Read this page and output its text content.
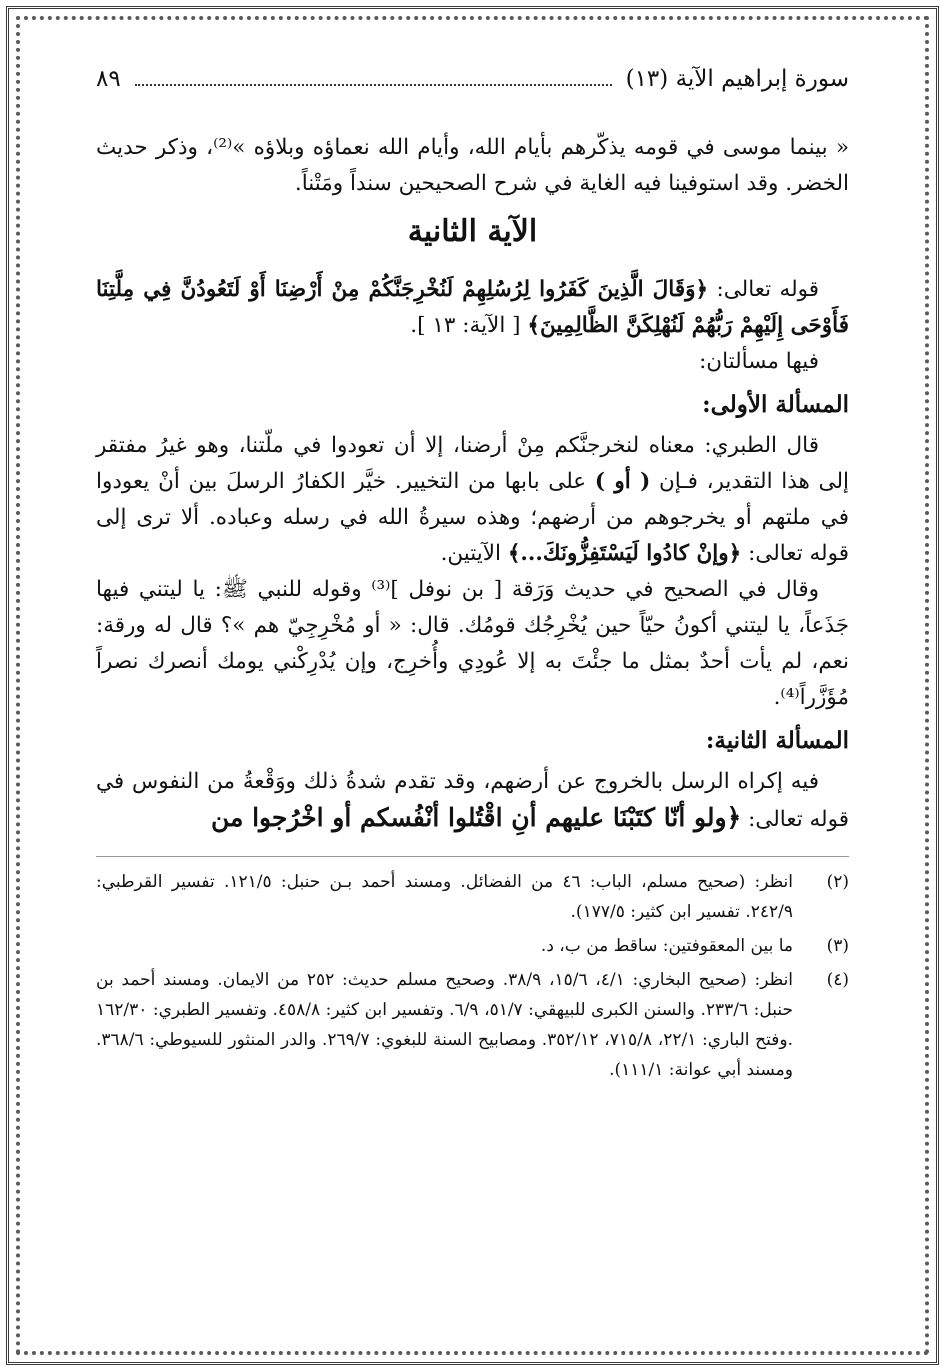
سورة إبراهيم الآية (١٣)
٨٩

« بينما موسى في قومه يذكّرهم بأيام الله، وأيام الله نعماؤه وبلاؤه »⁽²⁾، وذكر حديث الخضر. وقد استوفينا فيه الغاية في شرح الصحيحين سنداً ومَتْناً.

الآية الثانية

قوله تعالى: ﴿وَقَالَ الَّذِينَ كَفَرُوا لِرُسُلِهِمْ لَنُخْرِجَنَّكُمْ مِنْ أَرْضِنَا أَوْ لَتَعُودُنَّ فِي مِلَّتِنَا فَأَوْحَى إِلَيْهِمْ رَبُّهُمْ لَنُهْلِكَنَّ الظَّالِمِينَ﴾ [ الآية: ١٣ ].

فيها مسألتان:

المسألة الأولى:

قال الطبري: معناه لنخرجنَّكم مِنْ أرضنا، إلا أن تعودوا في ملّتنا، وهو غيرُ مفتقر إلى هذا التقدير، فـإن ( أو ) على بابها من التخيير. خيَّر الكفارُ الرسلَ بين أنْ يعودوا في ملتهم أو يخرجوهم من أرضهم؛ وهذه سيرةُ الله في رسله وعباده. ألا ترى إلى قوله تعالى: ﴿وإنْ كادُوا لَيَسْتَفِزُّونَكَ...﴾ الآيتين.

وقال في الصحيح في حديث وَرَقة [ بن نوفل ]⁽³⁾ وقوله للنبي ﷺ: يا ليتني فيها جَذَعاً، يا ليتني أكونُ حيّاً حين يُخْرِجُك قومُك. قال: « أو مُخْرِجِيّ هم »؟ قال له ورقة: نعم، لم يأت أحدٌ بمثل ما جئْتَ به إلا عُودِي وأُخرِج، وإن يُدْرِكْني يومك أنصرك نصراً مُؤَزَّراً⁽⁴⁾.

المسألة الثانية:

فيه إكراه الرسل بالخروج عن أرضهم، وقد تقدم شدةُ ذلك ووَقْعةُ من النفوس في قوله تعالى: ﴿ولو أنّا كتَبْنَا عليهم أنِ اقْتُلوا أنْفُسكم أو اخْرُجوا من

(٢)
انظر: (صحيح مسلم، الباب: ٤٦ من الفضائل. ومسند أحمد بـن حنبل: ١٢١/٥. تفسير القرطبي: ٢٤٢/٩. تفسير ابن كثير: ١٧٧/٥).
(٣)
ما بين المعقوفتين: ساقط من ب، د.
(٤)
انظر: (صحيح البخاري: ٤/١، ١٥/٦، ٣٨/٩. وصحيح مسلم حديث: ٢٥٢ من الايمان. ومسند أحمد بن حنبل: ٢٣٣/٦. والسنن الكبرى للبيهقي: ٥١/٧، ٦/٩. وتفسير ابن كثير: ٤٥٨/٨. وتفسير الطبري: ١٦٢/٣٠ .وفتح الباري: ٢٢/١، ٧١٥/٨، ٣٥٢/١٢. ومصابيح السنة للبغوي: ٢٦٩/٧. والدر المنثور للسيوطي: ٣٦٨/٦. ومسند أبي عوانة: ١١١/١).
